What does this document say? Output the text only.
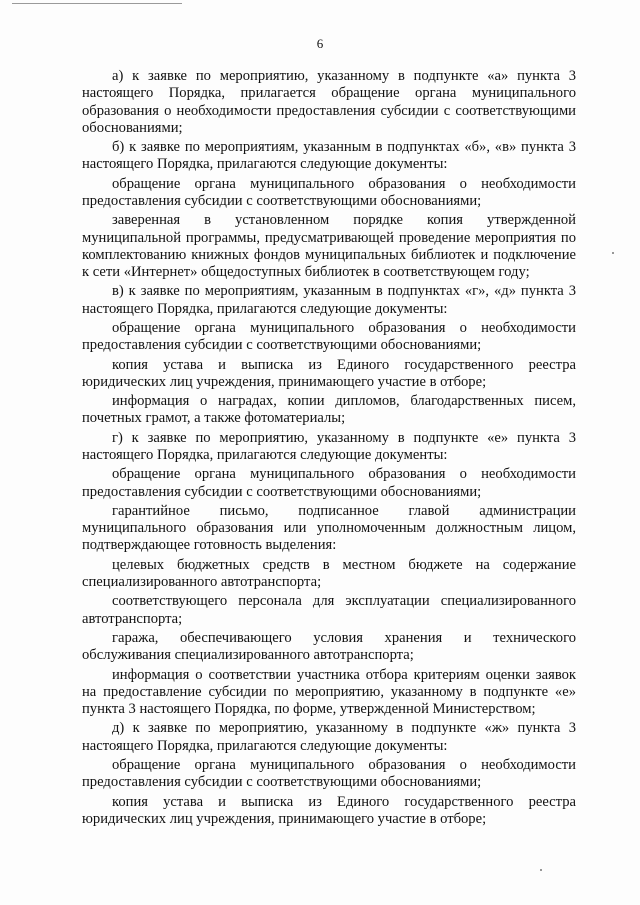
6

а) к заявке по мероприятию, указанному в подпункте «а» пункта 3 настоящего Порядка, прилагается обращение органа муниципального образования о необходимости предоставления субсидии с соответствующими обоснованиями;

б) к заявке по мероприятиям, указанным в подпунктах «б», «в» пункта 3 настоящего Порядка, прилагаются следующие документы:

обращение органа муниципального образования о необходимости предоставления субсидии с соответствующими обоснованиями;

заверенная в установленном порядке копия утвержденной муниципальной программы, предусматривающей проведение мероприятия по комплектованию книжных фондов муниципальных библиотек и подключение к сети «Интернет» общедоступных библиотек в соответствующем году;

в) к заявке по мероприятиям, указанным в подпунктах «г», «д» пункта 3 настоящего Порядка, прилагаются следующие документы:

обращение органа муниципального образования о необходимости предоставления субсидии с соответствующими обоснованиями;

копия устава и выписка из Единого государственного реестра юридических лиц учреждения, принимающего участие в отборе;

информация о наградах, копии дипломов, благодарственных писем, почетных грамот, а также фотоматериалы;

г) к заявке по мероприятию, указанному в подпункте «е» пункта 3 настоящего Порядка, прилагаются следующие документы:

обращение органа муниципального образования о необходимости предоставления субсидии с соответствующими обоснованиями;

гарантийное письмо, подписанное главой администрации муниципального образования или уполномоченным должностным лицом, подтверждающее готовность выделения:

целевых бюджетных средств в местном бюджете на содержание специализированного автотранспорта;

соответствующего персонала для эксплуатации специализированного автотранспорта;

гаража, обеспечивающего условия хранения и технического обслуживания специализированного автотранспорта;

информация о соответствии участника отбора критериям оценки заявок на предоставление субсидии по мероприятию, указанному в подпункте «е» пункта 3 настоящего Порядка, по форме, утвержденной Министерством;

д) к заявке по мероприятию, указанному в подпункте «ж» пункта 3 настоящего Порядка, прилагаются следующие документы:

обращение органа муниципального образования о необходимости предоставления субсидии с соответствующими обоснованиями;

копия устава и выписка из Единого государственного реестра юридических лиц учреждения, принимающего участие в отборе;
